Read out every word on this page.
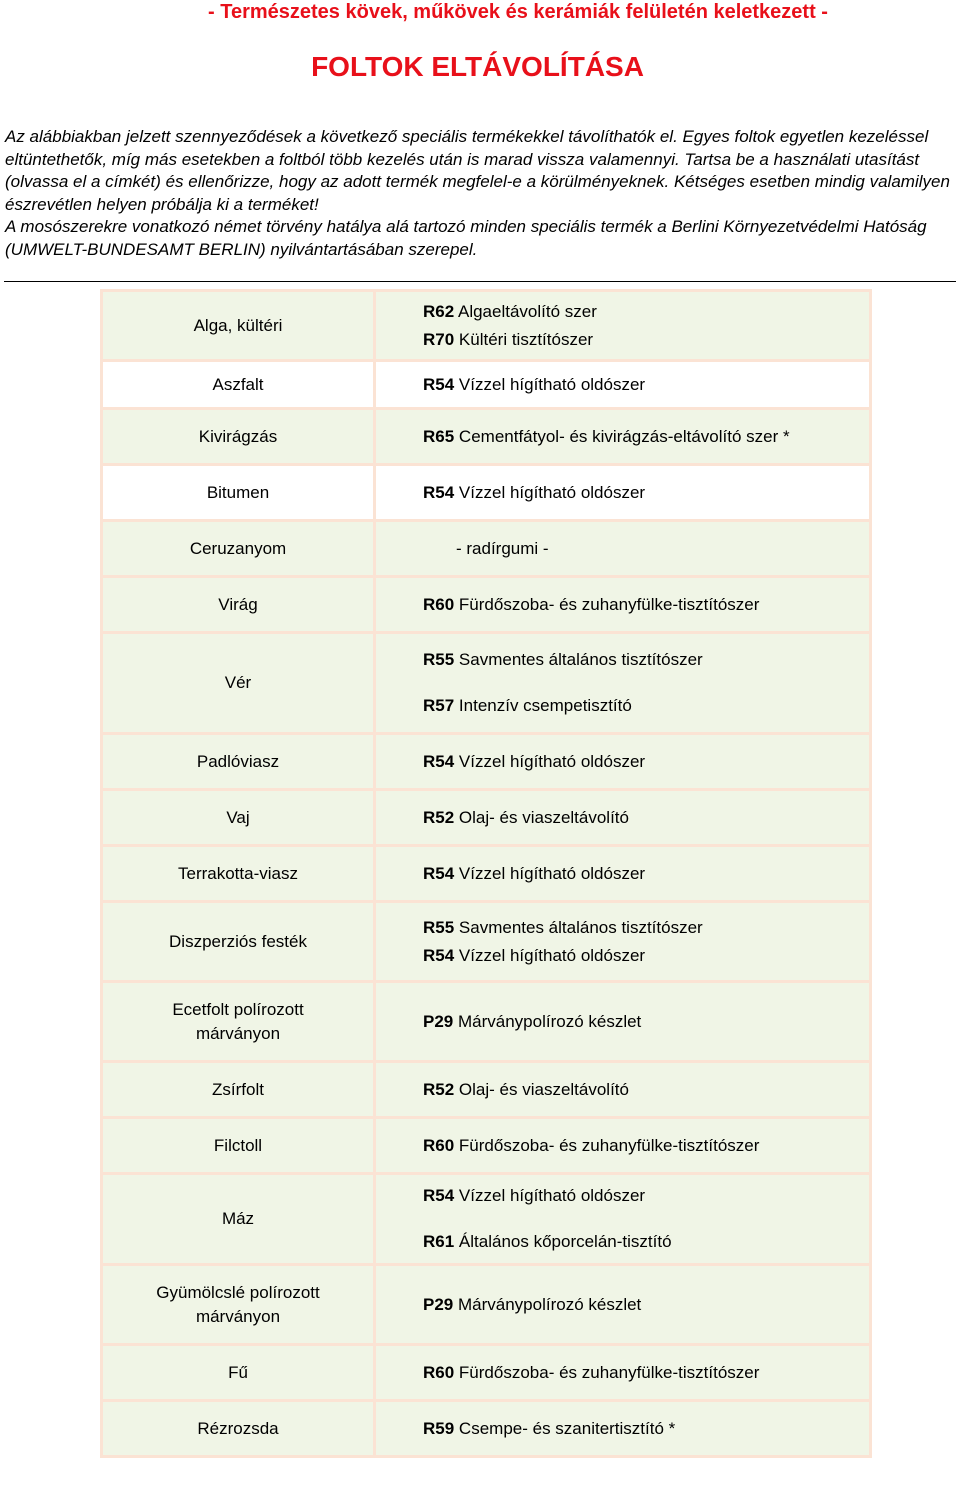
- Természetes kövek, műkövek és kerámiák felületén keletkezett -
FOLTOK ELTÁVOLÍTÁSA

Az alábbiakban jelzett szennyeződések a következő speciális termékekkel távolíthatók el. Egyes foltok egyetlen kezeléssel eltüntethetők, míg más esetekben a foltból több kezelés után is marad vissza valamennyi. Tartsa be a használati utasítást (olvassa el a címkét) és ellenőrizze, hogy az adott termék megfelel-e a körülményeknek. Kétséges esetben mindig valamilyen észrevétlen helyen próbálja ki a terméket!

A mosószerekre vonatkozó német törvény hatálya alá tartozó minden speciális termék a Berlini Környezetvédelmi Hatóság (UMWELT-BUNDESAMT BERLIN) nyilvántartásában szerepel.

Alga, kültéri	R62 Algaeltávolító szer
R70 Kültéri tisztítószer

Aszfalt	R54 Vízzel hígítható oldószer

Kivirágzás	R65 Cementfátyol- és kivirágzás-eltávolító szer *

Bitumen	R54 Vízzel hígítható oldószer

Ceruzanyom	- radírgumi -

Virág	R60 Fürdőszoba- és zuhanyfülke-tisztítószer

Vér	R55 Savmentes általános tisztítószer
R57 Intenzív csempetisztító

Padlóviasz	R54 Vízzel hígítható oldószer

Vaj	R52 Olaj- és viaszeltávolító

Terrakotta-viasz	R54 Vízzel hígítható oldószer

Diszperziós festék	R55 Savmentes általános tisztítószer
R54 Vízzel hígítható oldószer

Ecetfolt polírozott márványon	P29 Márványpolírozó készlet

Zsírfolt	R52 Olaj- és viaszeltávolító

Filctoll	R60 Fürdőszoba- és zuhanyfülke-tisztítószer

Máz	R54 Vízzel hígítható oldószer
R61 Általános kőporcelán-tisztító

Gyümölcslé polírozott márványon	P29 Márványpolírozó készlet

Fű	R60 Fürdőszoba- és zuhanyfülke-tisztítószer

Rézrozsda	R59 Csempe- és szanitertisztító *
